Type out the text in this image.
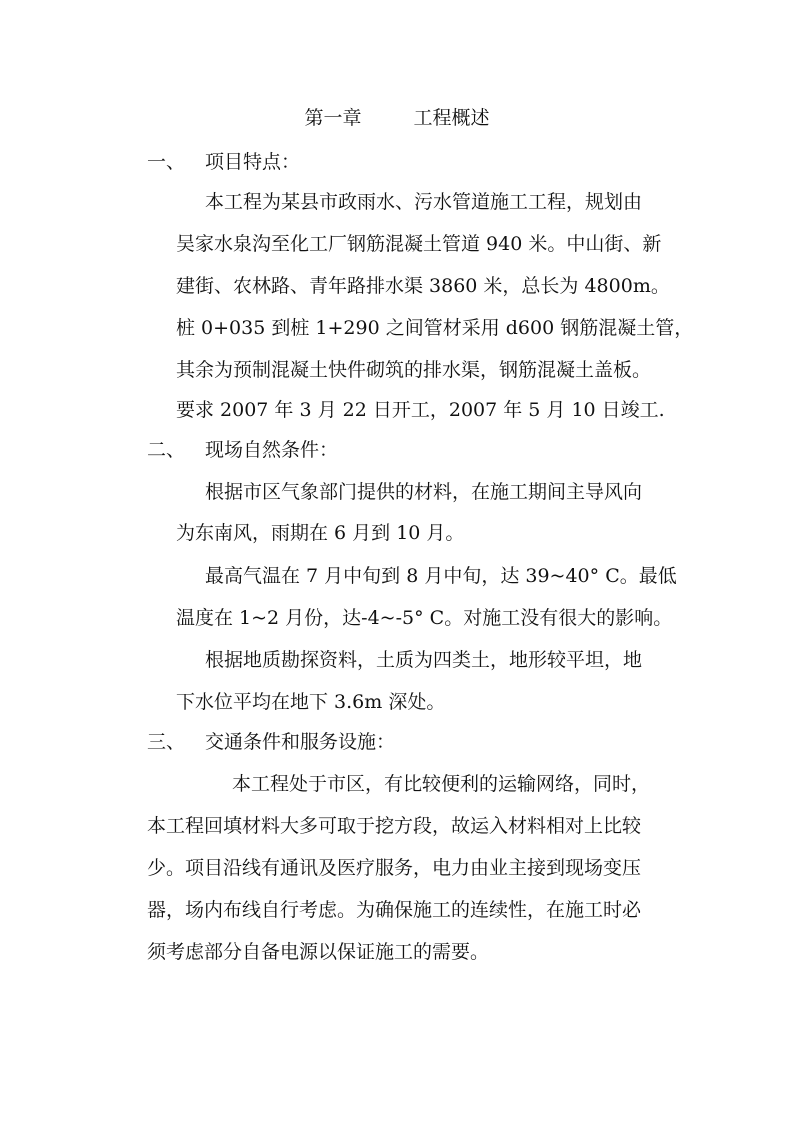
第一章	工程概述
一、 项目特点：
本工程为某县市政雨水、污水管道施工工程，规划由
吴家水泉沟至化工厂钢筋混凝土管道 940 米。中山街、新
建街、农林路、青年路排水渠 3860 米，总长为 4800m。
桩 0+035 到桩 1+290 之间管材采用 d600 钢筋混凝土管，
其余为预制混凝土快件砌筑的排水渠，钢筋混凝土盖板。
要求 2007 年 3 月 22 日开工，2007 年 5 月 10 日竣工.
二、 现场自然条件：
根据市区气象部门提供的材料，在施工期间主导风向
为东南风，雨期在 6 月到 10 月。
最高气温在 7 月中旬到 8 月中旬，达 39~40° C。最低
温度在 1~2 月份，达-4~-5° C。对施工没有很大的影响。
根据地质勘探资料，土质为四类土，地形较平坦，地
下水位平均在地下 3.6m 深处。
三、 交通条件和服务设施：
本工程处于市区，有比较便利的运输网络，同时，
本工程回填材料大多可取于挖方段，故运入材料相对上比较
少。项目沿线有通讯及医疗服务，电力由业主接到现场变压
器，场内布线自行考虑。为确保施工的连续性，在施工时必
须考虑部分自备电源以保证施工的需要。
